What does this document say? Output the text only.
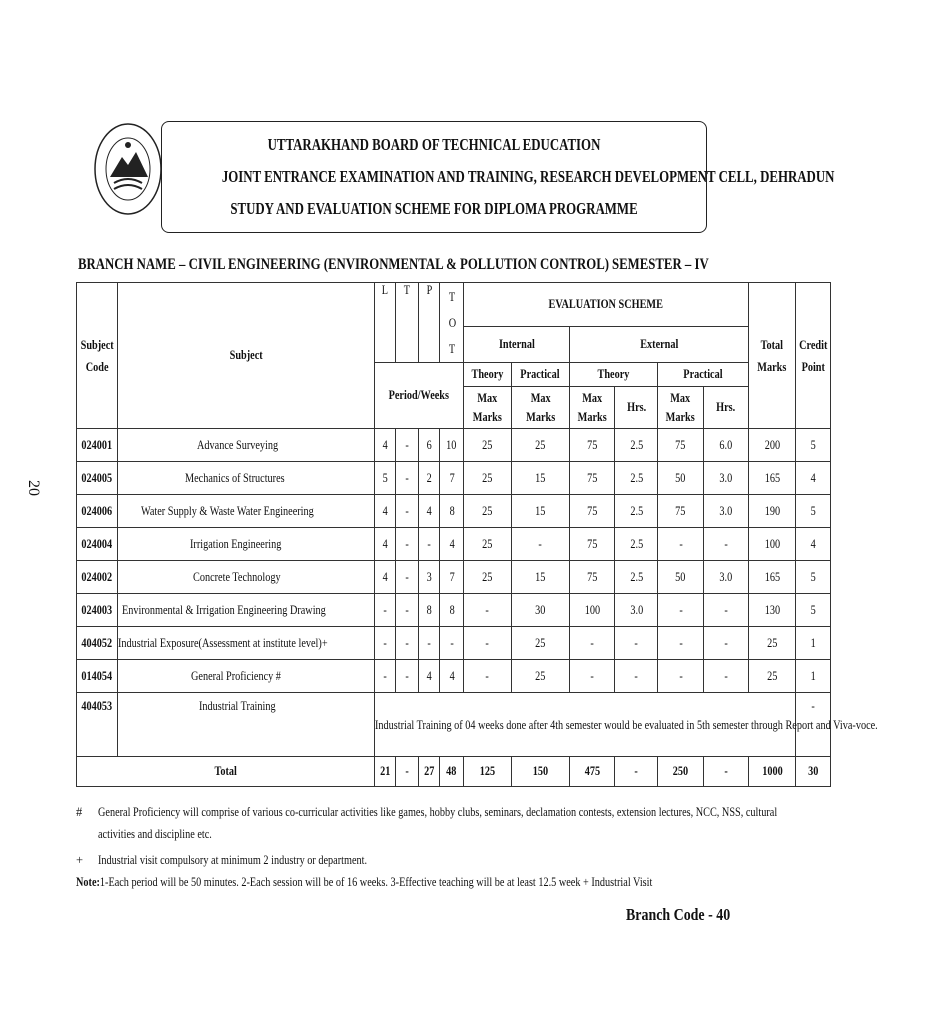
UTTARAKHAND BOARD OF TECHNICAL EDUCATION
JOINT ENTRANCE EXAMINATION AND TRAINING, RESEARCH DEVELOPMENT CELL, DEHRADUN
STUDY AND EVALUATION SCHEME FOR DIPLOMA PROGRAMME
BRANCH NAME – CIVIL ENGINEERING (ENVIRONMENTAL & POLLUTION CONTROL) SEMESTER – IV
20
Subject Code	Subject	L	T	P	T O T	EVALUATION SCHEME						Total Marks	Credit Point
						Internal		External					
		Period/Weeks				Theory	Practical	Theory		Practical			
						Max Marks	Max Marks	Max Marks	Hrs.	Max Marks	Hrs.		
024001	Advance Surveying	4	-	6	10	25	25	75	2.5	75	6.0	200	5
024005	Mechanics of Structures	5	-	2	7	25	15	75	2.5	50	3.0	165	4
024006	Water Supply & Waste Water Engineering	4	-	4	8	25	15	75	2.5	75	3.0	190	5
024004	Irrigation Engineering	4	-	-	4	25	-	75	2.5	-	-	100	4
024002	Concrete Technology	4	-	3	7	25	15	75	2.5	50	3.0	165	5
024003	Environmental & Irrigation Engineering Drawing	-	-	8	8	-	30	100	3.0	-	-	130	5
404052	Industrial Exposure(Assessment at institute level)+	-	-	-	-	-	25	-	-	-	-	25	1
014054	General Proficiency #	-	-	4	4	-	25	-	-	-	-	25	1
404053	Industrial Training	Industrial Training of 04 weeks done after 4th semester would be evaluated in 5th semester through Report and Viva-voce.											-
Total		21	-	27	48	125	150	475	-	250	-	1000	30
# General Proficiency will comprise of various co-curricular activities like games, hobby clubs, seminars, declamation contests, extension lectures, NCC, NSS, cultural
activities and discipline etc.
+ Industrial visit compulsory at minimum 2 industry or department.
Note:1-Each period will be 50 minutes. 2-Each session will be of 16 weeks. 3-Effective teaching will be at least 12.5 week + Industrial Visit
Branch Code - 40
